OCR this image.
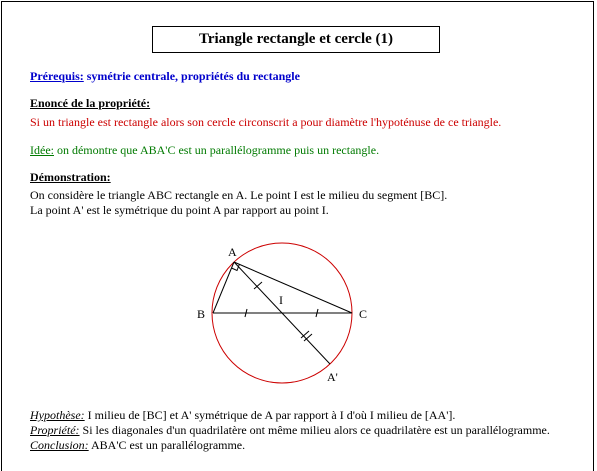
Triangle rectangle et cercle (1)
Prérequis: symétrie centrale, propriétés du rectangle
Enoncé de la propriété:
Si un triangle est rectangle alors son cercle circonscrit a pour diamètre l'hypoténuse de ce triangle.
Idée: on démontre que ABA'C est un parallélogramme puis un rectangle.
Démonstration:
On considère le triangle ABC rectangle en A. Le point I est le milieu du segment [BC].
La point A' est le symétrique du point A par rapport au point I.
A
B	C
I
A'
Hypothèse: I milieu de [BC] et A' symétrique de A par rapport à I d'où I milieu de [AA'].
Propriété: Si les diagonales d'un quadrilatère ont même milieu alors ce quadrilatère est un parallélogramme.
Conclusion: ABA'C est un parallélogramme.
